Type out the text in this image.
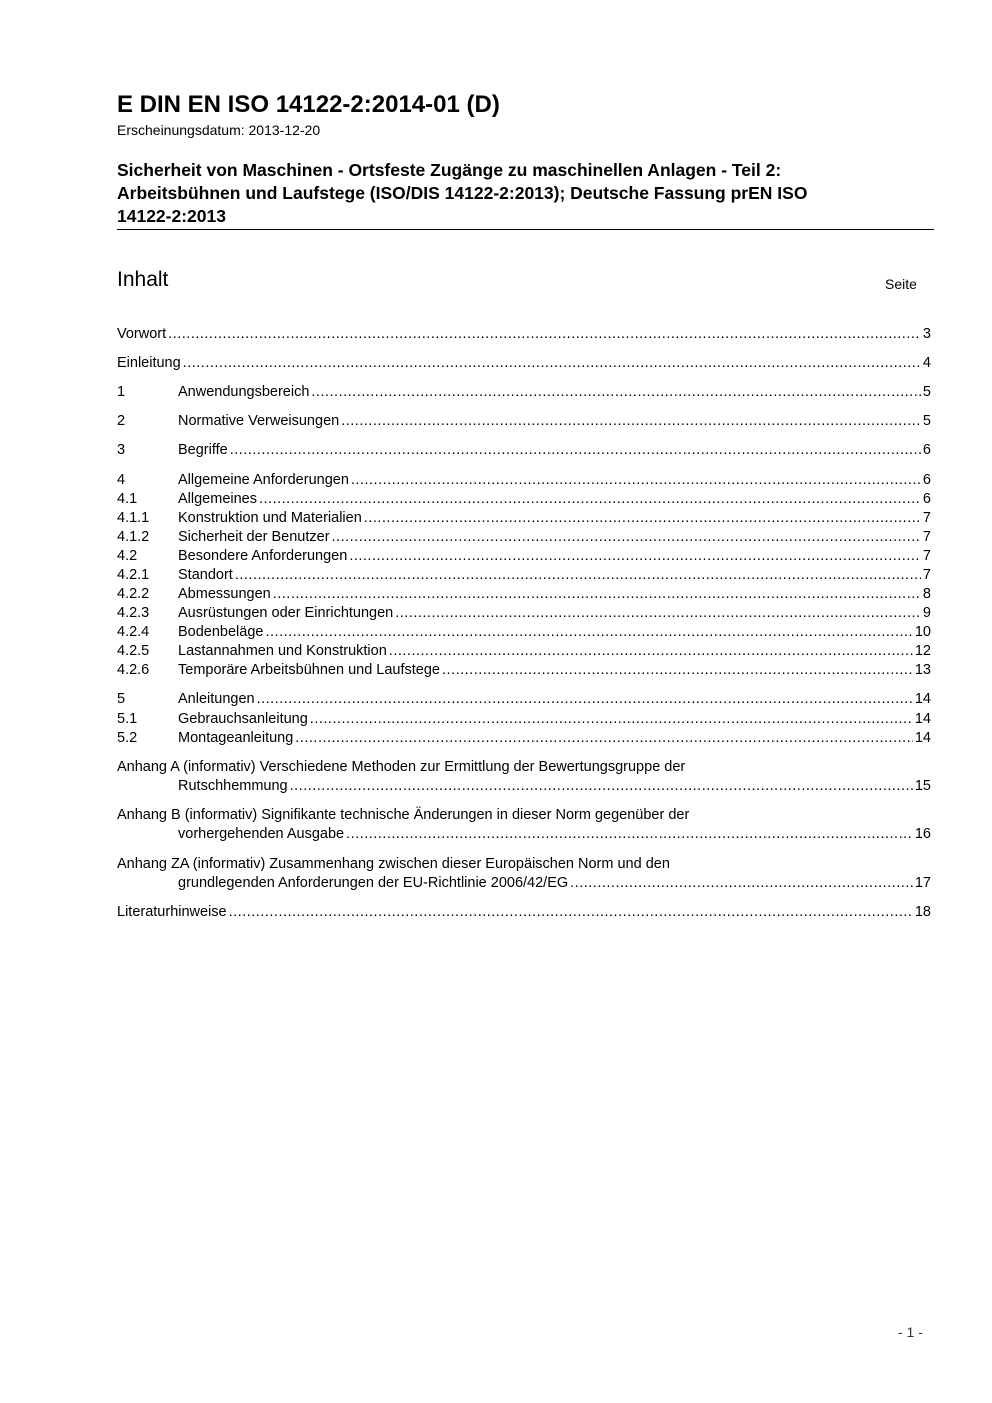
E DIN EN ISO 14122-2:2014-01 (D)
Erscheinungsdatum: 2013-12-20
Sicherheit von Maschinen - Ortsfeste Zugänge zu maschinellen Anlagen - Teil 2:
Arbeitsbühnen und Laufstege (ISO/DIS 14122-2:2013); Deutsche Fassung prEN ISO
14122-2:2013
Inhalt	Seite
Vorwort .....	3
Einleitung .....	4
1	Anwendungsbereich .....	5
2	Normative Verweisungen .....	5
3	Begriffe .....	6
4	Allgemeine Anforderungen .....	6
4.1	Allgemeines .....	6
4.1.1	Konstruktion und Materialien .....	7
4.1.2	Sicherheit der Benutzer .....	7
4.2	Besondere Anforderungen .....	7
4.2.1	Standort .....	7
4.2.2	Abmessungen .....	8
4.2.3	Ausrüstungen oder Einrichtungen .....	9
4.2.4	Bodenbeläge .....	10
4.2.5	Lastannahmen und Konstruktion .....	12
4.2.6	Temporäre Arbeitsbühnen und Laufstege .....	13
5	Anleitungen .....	14
5.1	Gebrauchsanleitung .....	14
5.2	Montageanleitung .....	14
Anhang A (informativ) Verschiedene Methoden zur Ermittlung der Bewertungsgruppe der
Rutschhemmung .....	15
Anhang B (informativ) Signifikante technische Änderungen in dieser Norm gegenüber der
vorhergehenden Ausgabe .....	16
Anhang ZA (informativ) Zusammenhang zwischen dieser Europäischen Norm und den
grundlegenden Anforderungen der EU-Richtlinie 2006/42/EG .....	17
Literaturhinweise .....	18
- 1 -
